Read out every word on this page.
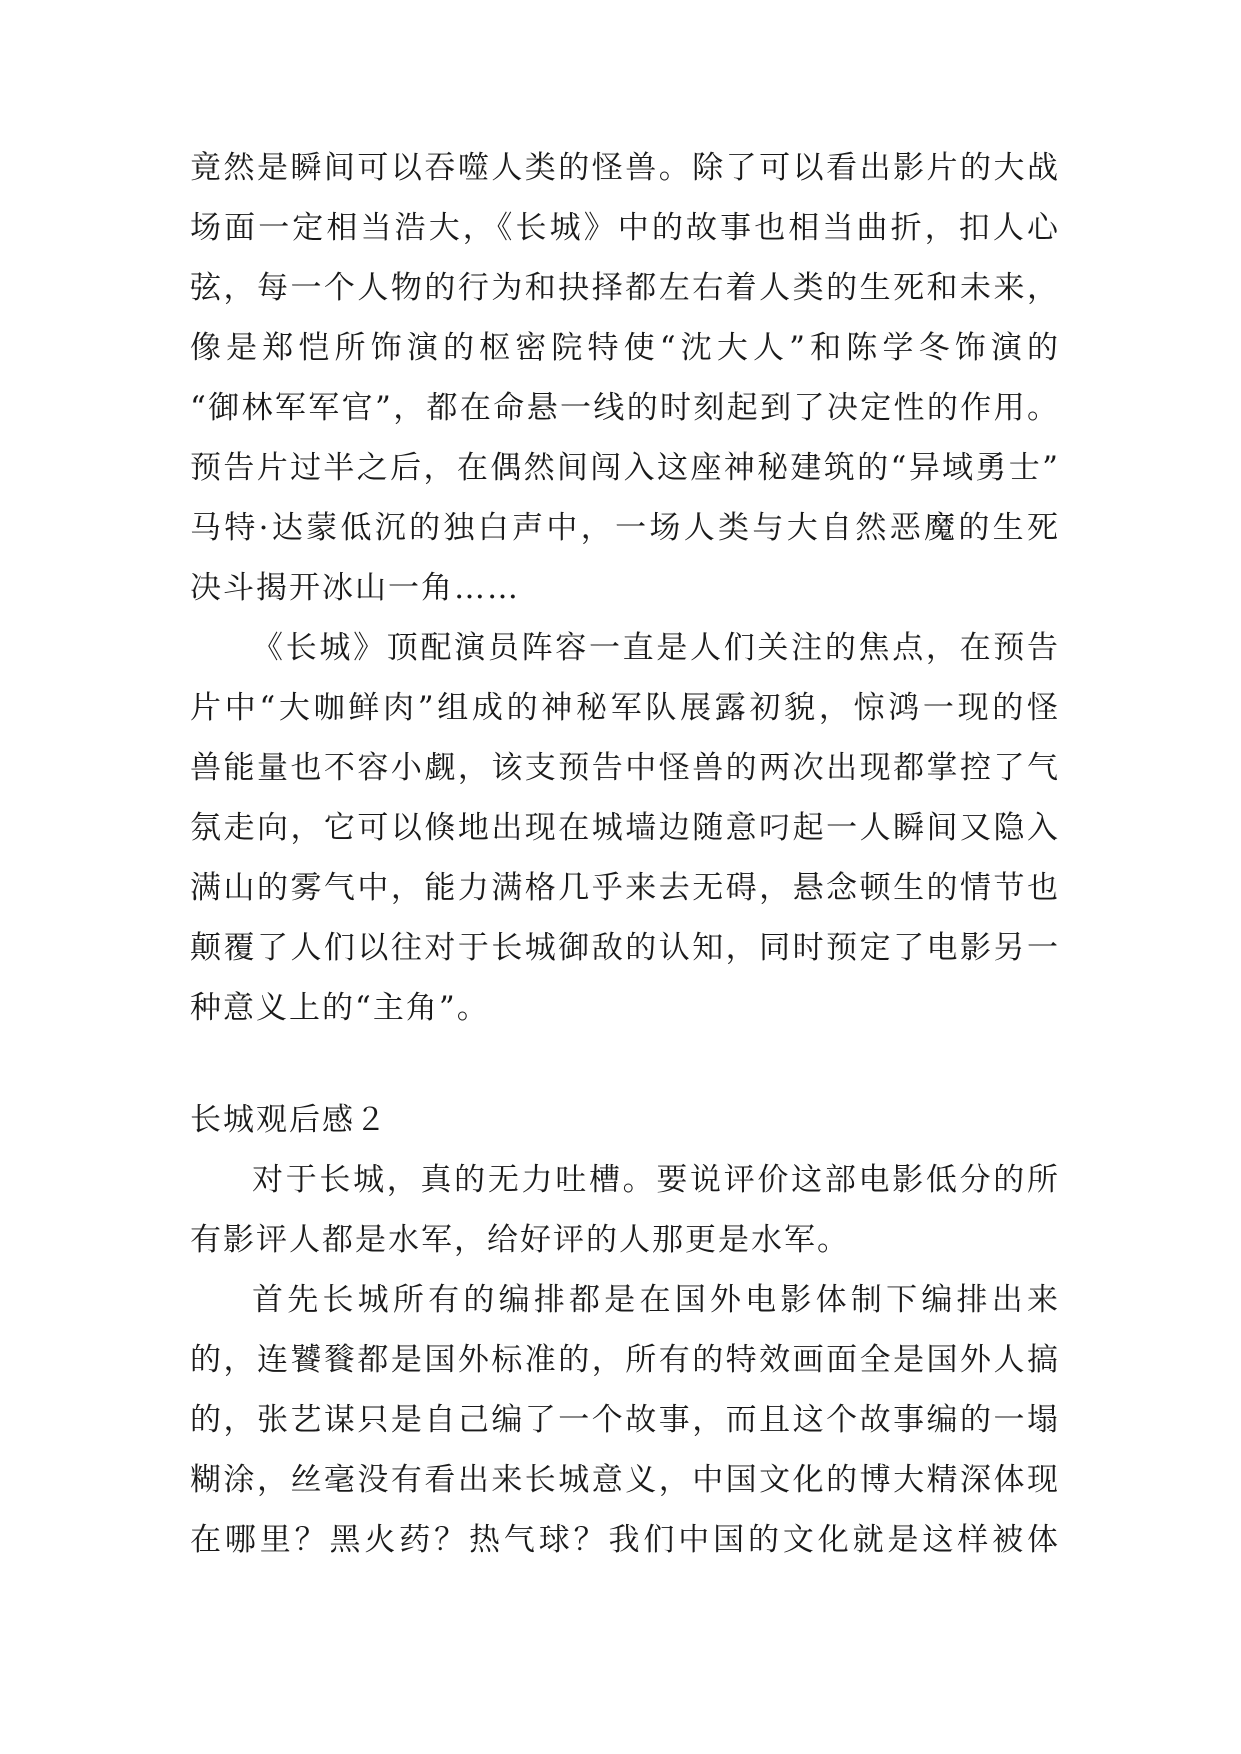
竟然是瞬间可以吞噬人类的怪兽。除了可以看出影片的大战
场面一定相当浩大，《长城》中的故事也相当曲折，扣人心
弦，每一个人物的行为和抉择都左右着人类的生死和未来，
像是郑恺所饰演的枢密院特使“沈大人”和陈学冬饰演的
“御林军军官”，都在命悬一线的时刻起到了决定性的作用。
预告片过半之后，在偶然间闯入这座神秘建筑的“异域勇士”
马特·达蒙低沉的独白声中，一场人类与大自然恶魔的生死
决斗揭开冰山一角……
《长城》顶配演员阵容一直是人们关注的焦点，在预告
片中“大咖鲜肉”组成的神秘军队展露初貌，惊鸿一现的怪
兽能量也不容小觑，该支预告中怪兽的两次出现都掌控了气
氛走向，它可以倏地出现在城墙边随意叼起一人瞬间又隐入
满山的雾气中，能力满格几乎来去无碍，悬念顿生的情节也
颠覆了人们以往对于长城御敌的认知，同时预定了电影另一
种意义上的“主角”。
长城观后感２
对于长城，真的无力吐槽。要说评价这部电影低分的所
有影评人都是水军，给好评的人那更是水军。
首先长城所有的编排都是在国外电影体制下编排出来
的，连饕餮都是国外标准的，所有的特效画面全是国外人搞
的，张艺谋只是自己编了一个故事，而且这个故事编的一塌
糊涂，丝毫没有看出来长城意义，中国文化的博大精深体现
在哪里？黑火药？热气球？我们中国的文化就是这样被体
